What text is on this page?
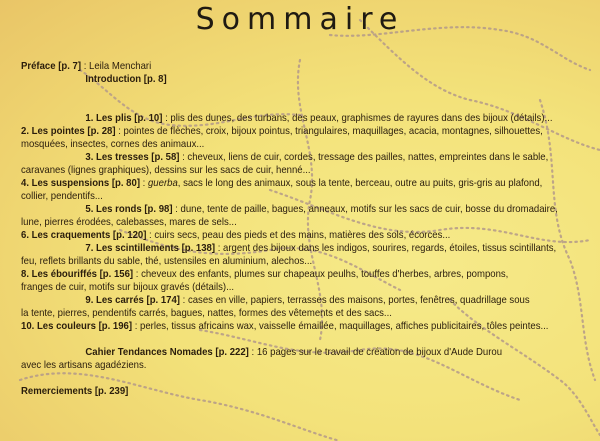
Sommaire
Préface [p. 7] : Leila Menchari
Introduction [p. 8]
1. Les plis [p. 10] : plis des dunes, des turbans, des peaux, graphismes de rayures dans des bijoux (détails)...
2. Les pointes [p. 28] : pointes de flèches, croix, bijoux pointus, triangulaires, maquillages, acacia, montagnes, silhouettes,
mosquées, insectes, cornes des animaux...
3. Les tresses [p. 58] : cheveux, liens de cuir, cordes, tressage des pailles, nattes, empreintes dans le sable,
caravanes (lignes graphiques), dessins sur les sacs de cuir, henné...
4. Les suspensions [p. 80] : guerba, sacs le long des animaux, sous la tente, berceau, outre au puits, gris-gris au plafond,
collier, pendentifs...
5. Les ronds [p. 98] : dune, tente de paille, bagues, anneaux, motifs sur les sacs de cuir, bosse du dromadaire,
lune, pierres érodées, calebasses, mares de sels...
6. Les craquements [p. 120] : cuirs secs, peau des pieds et des mains, matières des sols, écorces...
7. Les scintillements [p. 138] : argent des bijoux dans les indigos, sourires, regards, étoiles, tissus scintillants,
feu, reflets brillants du sable, thé, ustensiles en aluminium, alechos...
8. Les ébouriffés [p. 156] : cheveux des enfants, plumes sur chapeaux peulhs, touffes d'herbes, arbres, pompons,
franges de cuir, motifs sur bijoux gravés (détails)...
9. Les carrés [p. 174] : cases en ville, papiers, terrasses des maisons, portes, fenêtres, quadrillage sous
la tente, pierres, pendentifs carrés, bagues, nattes, formes des vêtements et des sacs...
10. Les couleurs [p. 196] : perles, tissus africains wax, vaisselle émaillée, maquillages, affiches publicitaires, tôles peintes...
Cahier Tendances Nomades [p. 222] : 16 pages sur le travail de création de bijoux d'Aude Durou
avec les artisans agadéziens.
Remerciements [p. 239]
